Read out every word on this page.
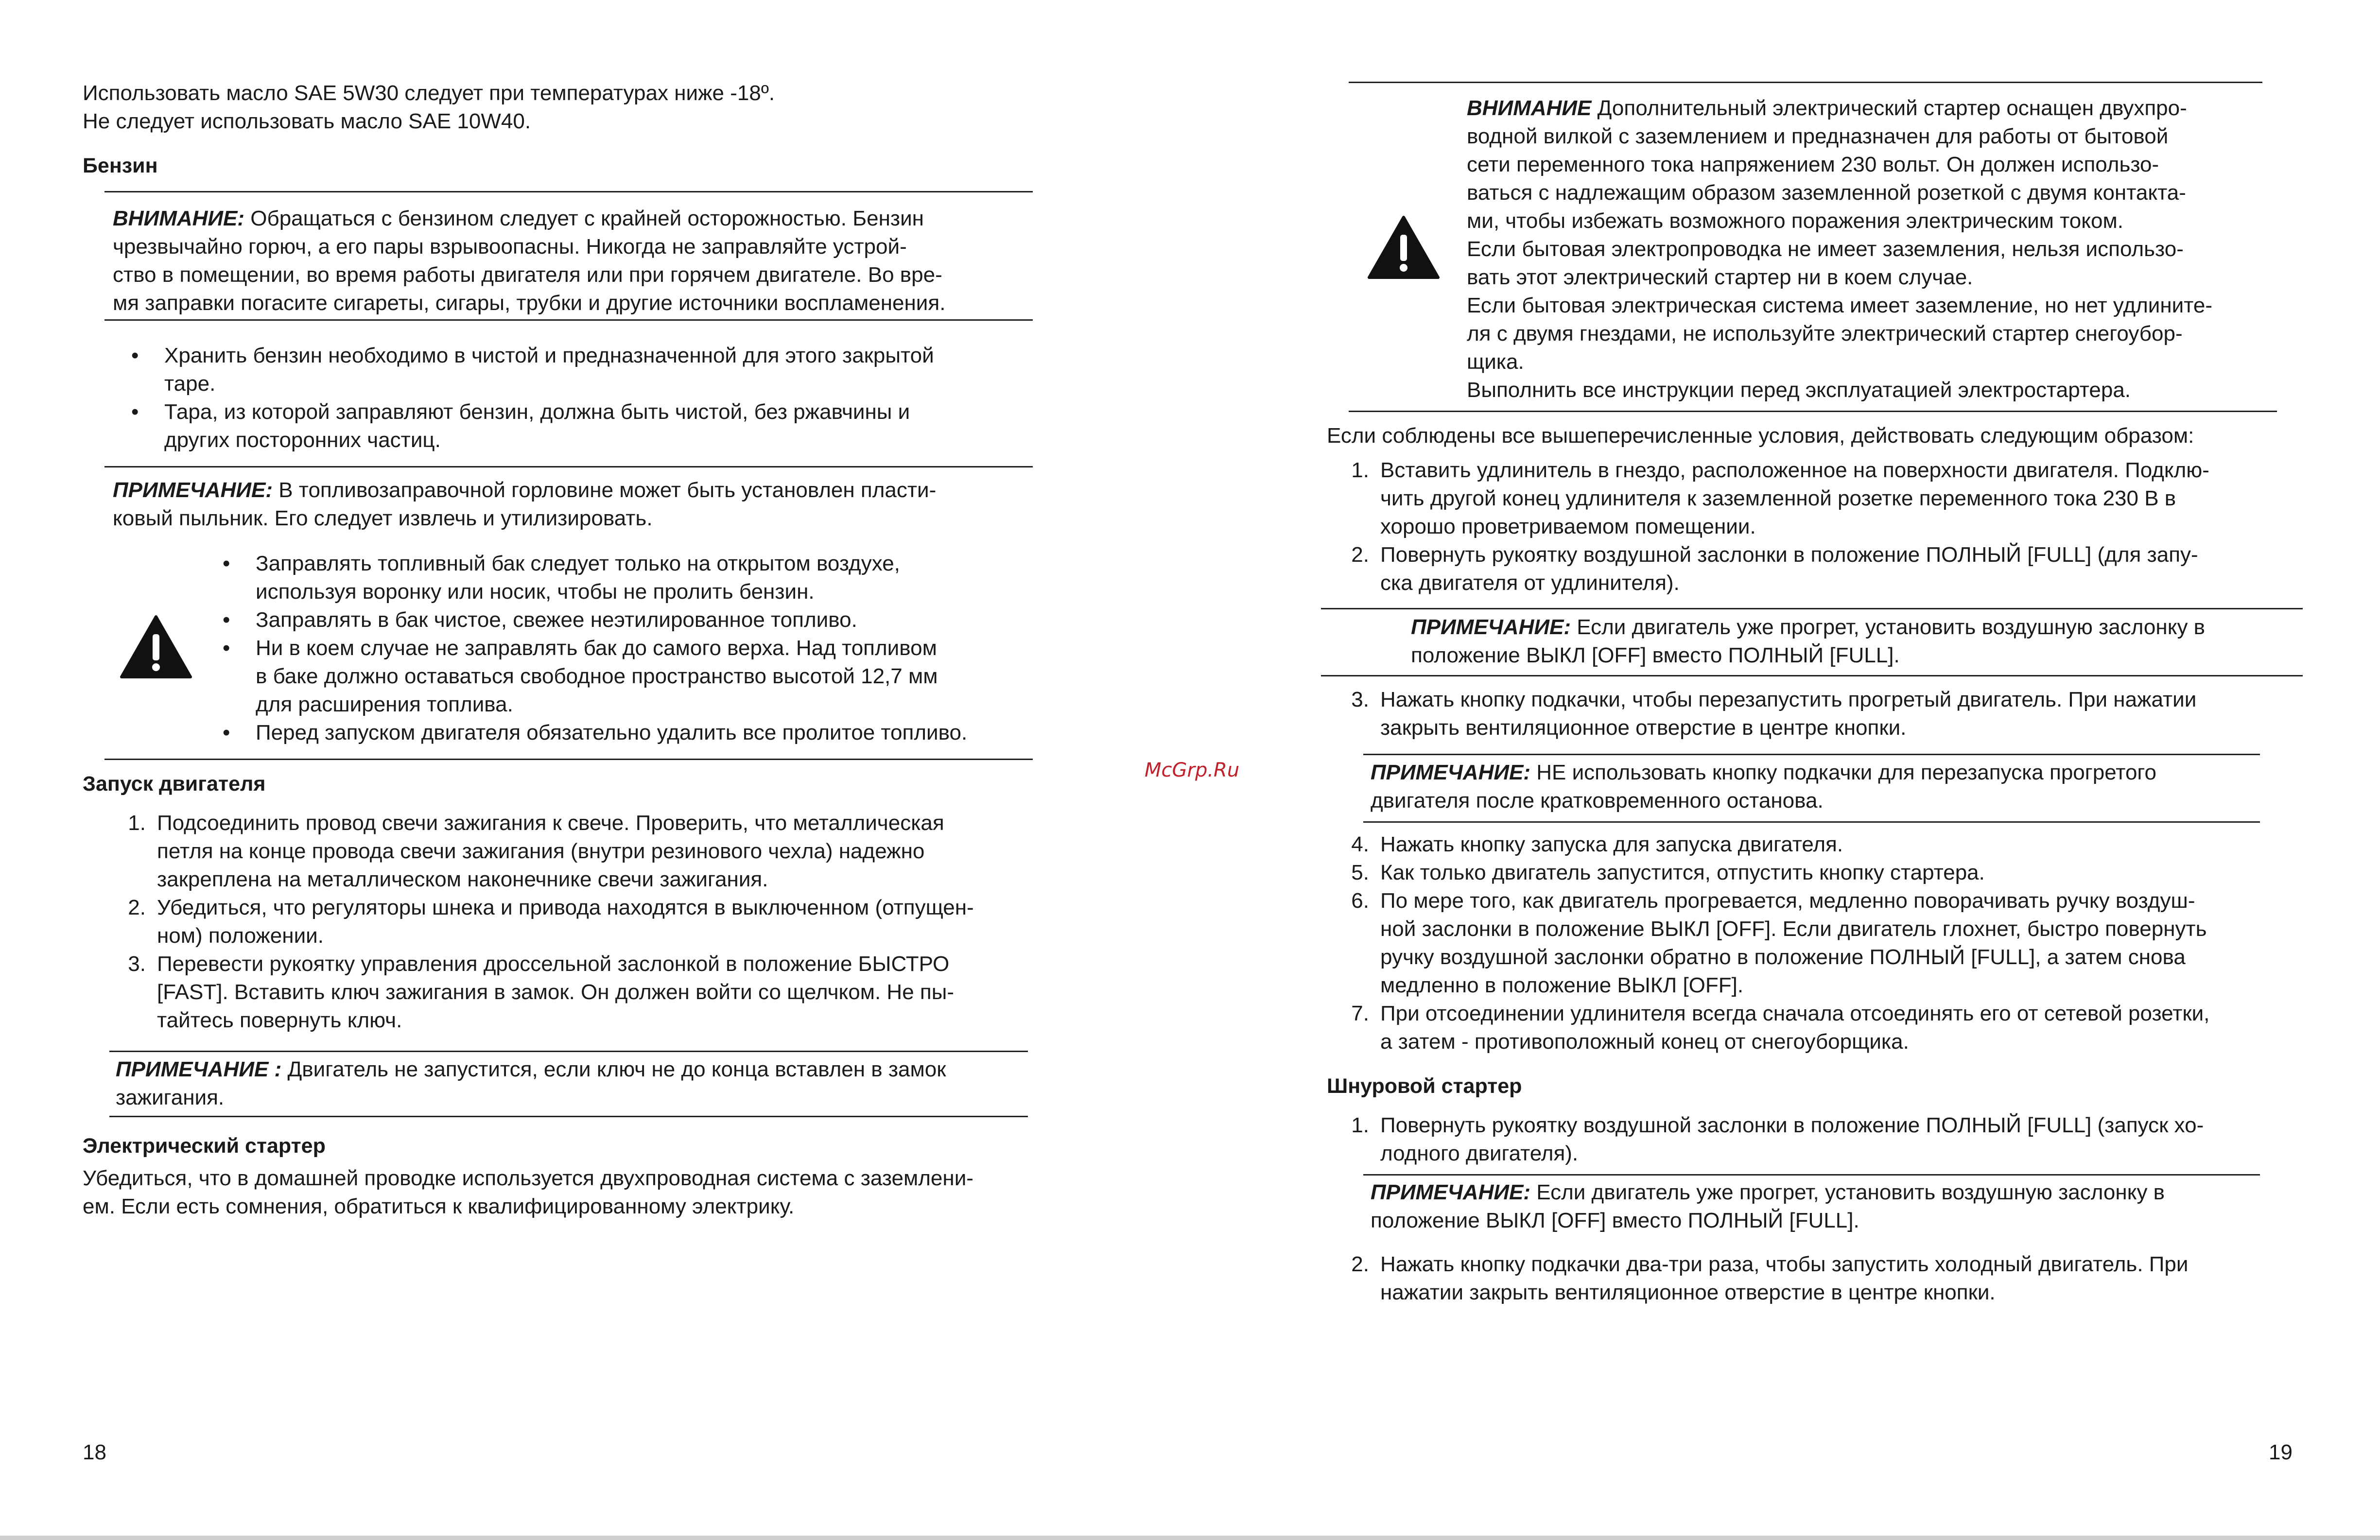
Использовать масло SAE 5W30 следует при температурах ниже -18º.
Не следует использовать масло SAE 10W40.

Бензин

ВНИМАНИЕ: Обращаться с бензином следует с крайней осторожностью. Бензин
чрезвычайно горюч, а его пары взрывоопасны. Никогда не заправляйте устрой-
ство в помещении, во время работы двигателя или при горячем двигателе. Во вре-
мя заправки погасите сигареты, сигары, трубки и другие источники воспламенения.
• Хранить бензин необходимо в чистой и предназначенной для этого закрытой
таре.
• Тара, из которой заправляют бензин, должна быть чистой, без ржавчины и
других посторонних частиц.
ПРИМЕЧАНИЕ: В топливозаправочной горловине может быть установлен пласти-
ковый пыльник. Его следует извлечь и утилизировать.
• Заправлять топливный бак следует только на открытом воздухе,
используя воронку или носик, чтобы не пролить бензин.
• Заправлять в бак чистое, свежее неэтилированное топливо.
• Ни в коем случае не заправлять бак до самого верха. Над топливом
в баке должно оставаться свободное пространство высотой 12,7 мм
для расширения топлива.
• Перед запуском двигателя обязательно удалить все пролитое топливо.

Запуск двигателя

1. Подсоединить провод свечи зажигания к свече. Проверить, что металлическая
петля на конце провода свечи зажигания (внутри резинового чехла) надежно
закреплена на металлическом наконечнике свечи зажигания.
2. Убедиться, что регуляторы шнека и привода находятся в выключенном (отпущен-
ном) положении.
3. Перевести рукоятку управления дроссельной заслонкой в положение БЫСТРО
[FAST]. Вставить ключ зажигания в замок. Он должен войти со щелчком. Не пы-
тайтесь повернуть ключ.
ПРИМЕЧАНИЕ : Двигатель не запустится, если ключ не до конца вставлен в замок
зажигания.

Электрический стартер

Убедиться, что в домашней проводке используется двухпроводная система с заземлени-
ем. Если есть сомнения, обратиться к квалифицированному электрику.
18
McGrp.Ru
ВНИМАНИЕ Дополнительный электрический стартер оснащен двухпро-
водной вилкой с заземлением и предназначен для работы от бытовой
сети переменного тока напряжением 230 вольт. Он должен использо-
ваться с надлежащим образом заземленной розеткой с двумя контакта-
ми, чтобы избежать возможного поражения электрическим током.
Если бытовая электропроводка не имеет заземления, нельзя использо-
вать этот электрический стартер ни в коем случае.
Если бытовая электрическая система имеет заземление, но нет удлините-
ля с двумя гнездами, не используйте электрический стартер снегоубор-
щика.
Выполнить все инструкции перед эксплуатацией электростартера.
Если соблюдены все вышеперечисленные условия, действовать следующим образом:
1. Вставить удлинитель в гнездо, расположенное на поверхности двигателя. Подклю-
чить другой конец удлинителя к заземленной розетке переменного тока 230 В в
хорошо проветриваемом помещении.
2. Повернуть рукоятку воздушной заслонки в положение ПОЛНЫЙ [FULL] (для запу-
ска двигателя от удлинителя).
ПРИМЕЧАНИЕ: Если двигатель уже прогрет, установить воздушную заслонку в
положение ВЫКЛ [OFF] вместо ПОЛНЫЙ [FULL].
3. Нажать кнопку подкачки, чтобы перезапустить прогретый двигатель. При нажатии
закрыть вентиляционное отверстие в центре кнопки.
ПРИМЕЧАНИЕ: НЕ использовать кнопку подкачки для перезапуска прогретого
двигателя после кратковременного останова.
4. Нажать кнопку запуска для запуска двигателя.
5. Как только двигатель запустится, отпустить кнопку стартера.
6. По мере того, как двигатель прогревается, медленно поворачивать ручку воздуш-
ной заслонки в положение ВЫКЛ [OFF]. Если двигатель глохнет, быстро повернуть
ручку воздушной заслонки обратно в положение ПОЛНЫЙ [FULL], а затем снова
медленно в положение ВЫКЛ [OFF].
7. При отсоединении удлинителя всегда сначала отсоединять его от сетевой розетки,
а затем - противоположный конец от снегоуборщика.

Шнуровой стартер

1. Повернуть рукоятку воздушной заслонки в положение ПОЛНЫЙ [FULL] (запуск хо-
лодного двигателя).
ПРИМЕЧАНИЕ: Если двигатель уже прогрет, установить воздушную заслонку в
положение ВЫКЛ [OFF] вместо ПОЛНЫЙ [FULL].
2. Нажать кнопку подкачки два-три раза, чтобы запустить холодный двигатель. При
нажатии закрыть вентиляционное отверстие в центре кнопки.
19
